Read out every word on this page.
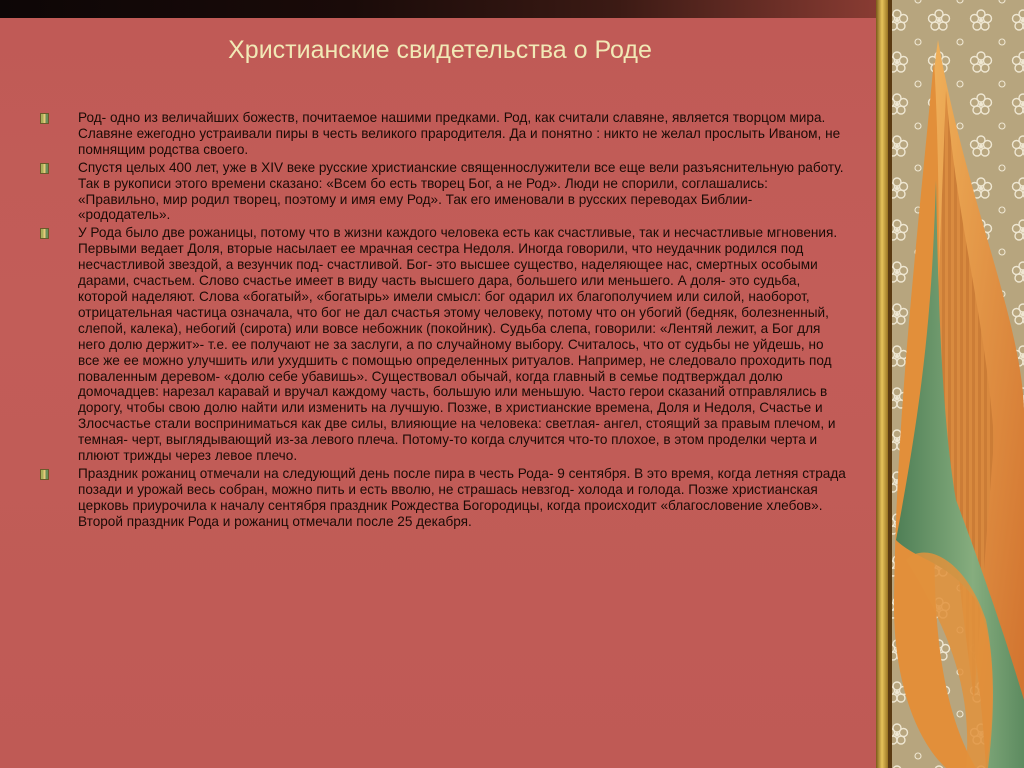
Христианские свидетельства о Роде

Род- одно из величайших божеств, почитаемое нашими предками. Род, как считали славяне, является творцом мира. Славяне ежегодно устраивали пиры в честь великого прародителя. Да и понятно : никто не желал прослыть Иваном, не помнящим родства своего.

Спустя целых 400 лет, уже в XIV веке русские христианские священнослужители все еще вели разъяснительную работу. Так в рукописи этого времени сказано: «Всем бо есть творец Бог, а не Род». Люди не спорили, соглашались: «Правильно, мир родил творец, поэтому и имя ему Род». Так его именовали в русских переводах Библии- «рододатель».

У Рода было две рожаницы, потому что в жизни каждого человека есть как счастливые, так и несчастливые мгновения. Первыми ведает Доля, вторые насылает ее мрачная сестра Недоля. Иногда говорили, что неудачник родился под несчастливой звездой, а везунчик под- счастливой. Бог- это высшее существо, наделяющее нас, смертных особыми дарами, счастьем. Слово счастье имеет в виду часть высшего дара, большего или меньшего. А доля- это судьба, которой наделяют. Слова «богатый», «богатырь» имели смысл: бог одарил их благополучием или силой, наоборот, отрицательная частица означала, что бог не дал счастья этому человеку, потому что он убогий (бедняк, болезненный, слепой, калека), небогий (сирота) или вовсе небожник (покойник). Судьба слепа, говорили: «Лентяй лежит, а Бог для него долю держит»- т.е. ее получают не за заслуги, а по случайному выбору. Считалось, что от судьбы не уйдешь, но все же ее можно улучшить или ухудшить с помощью определенных ритуалов. Например, не следовало проходить под поваленным деревом- «долю себе убавишь». Существовал обычай, когда главный в семье подтверждал долю домочадцев: нарезал каравай и вручал каждому часть, большую или меньшую. Часто герои сказаний отправлялись в дорогу, чтобы свою долю найти или изменить на лучшую. Позже, в христианские времена, Доля и Недоля, Счастье и Злосчастье стали восприниматься как две силы, влияющие на человека: светлая- ангел, стоящий за правым плечом, и темная- черт, выглядывающий из-за левого плеча. Потому-то когда случится что-то плохое, в этом проделки черта и плюют трижды через левое плечо.

Праздник рожаниц отмечали на следующий день после пира в честь Рода- 9 сентября. В это время, когда летняя страда позади и урожай весь собран, можно пить и есть вволю, не страшась невзгод- холода и голода. Позже христианская церковь приурочила к началу сентября праздник Рождества Богородицы, когда происходит «благословение хлебов». Второй праздник Рода и рожаниц отмечали после 25 декабря.
